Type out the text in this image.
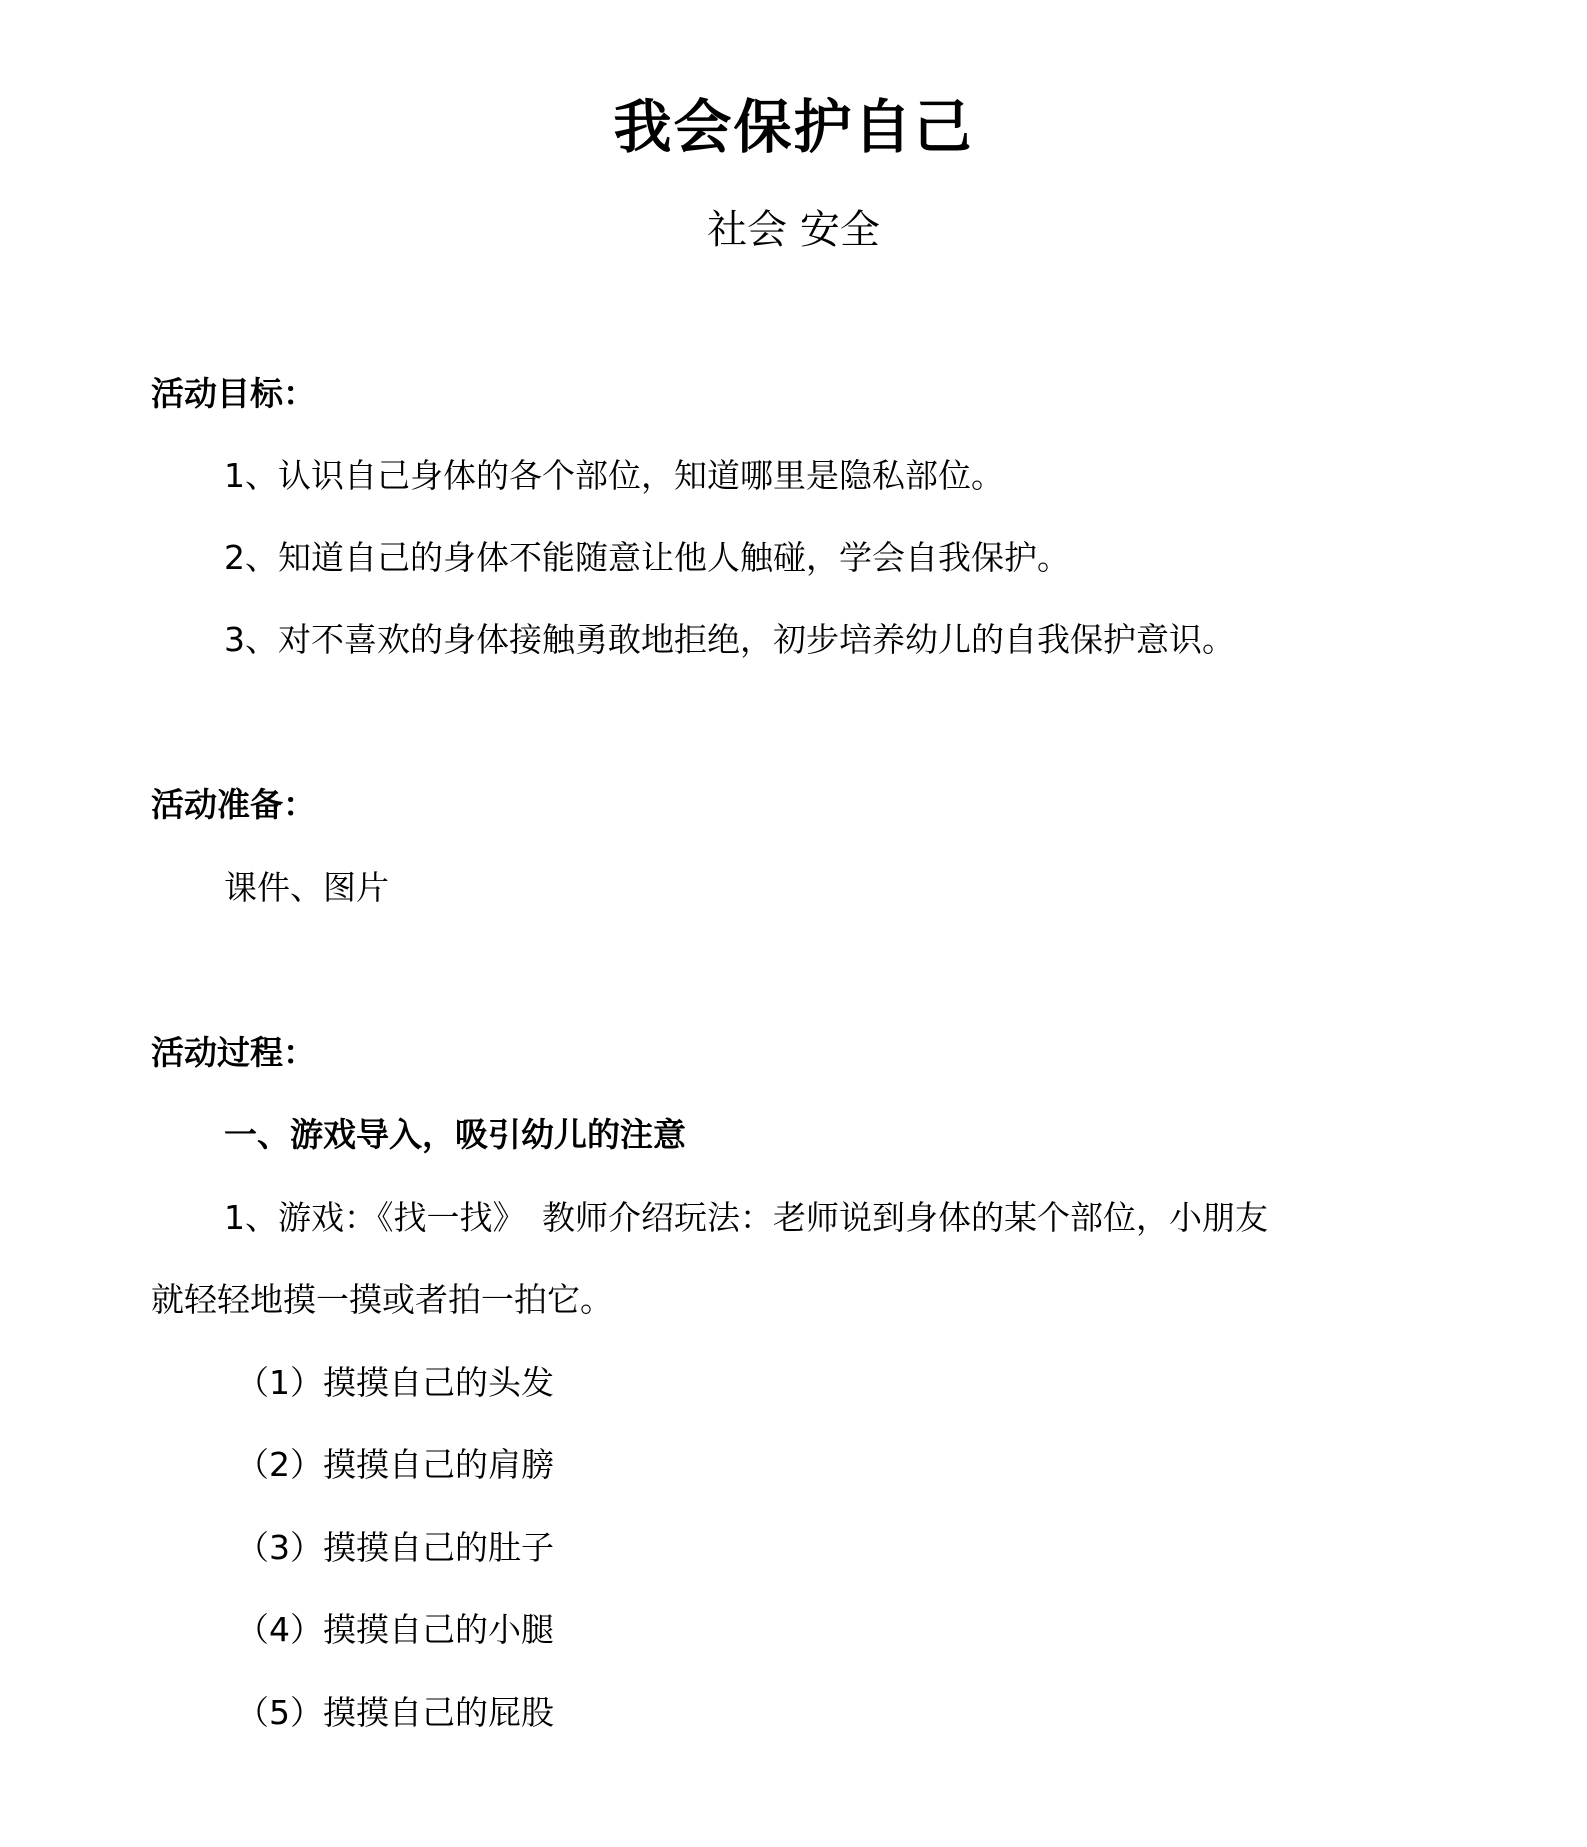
我会保护自己
社会 安全
活动目标：
1、认识自己身体的各个部位，知道哪里是隐私部位。
2、知道自己的身体不能随意让他人触碰，学会自我保护。
3、对不喜欢的身体接触勇敢地拒绝，初步培养幼儿的自我保护意识。
活动准备：
课件、图片
活动过程：
一、游戏导入，吸引幼儿的注意
1、游戏：《找一找》　教师介绍玩法：老师说到身体的某个部位，小朋友
就轻轻地摸一摸或者拍一拍它。
（1）摸摸自己的头发
（2）摸摸自己的肩膀
（3）摸摸自己的肚子
（4）摸摸自己的小腿
（5）摸摸自己的屁股
